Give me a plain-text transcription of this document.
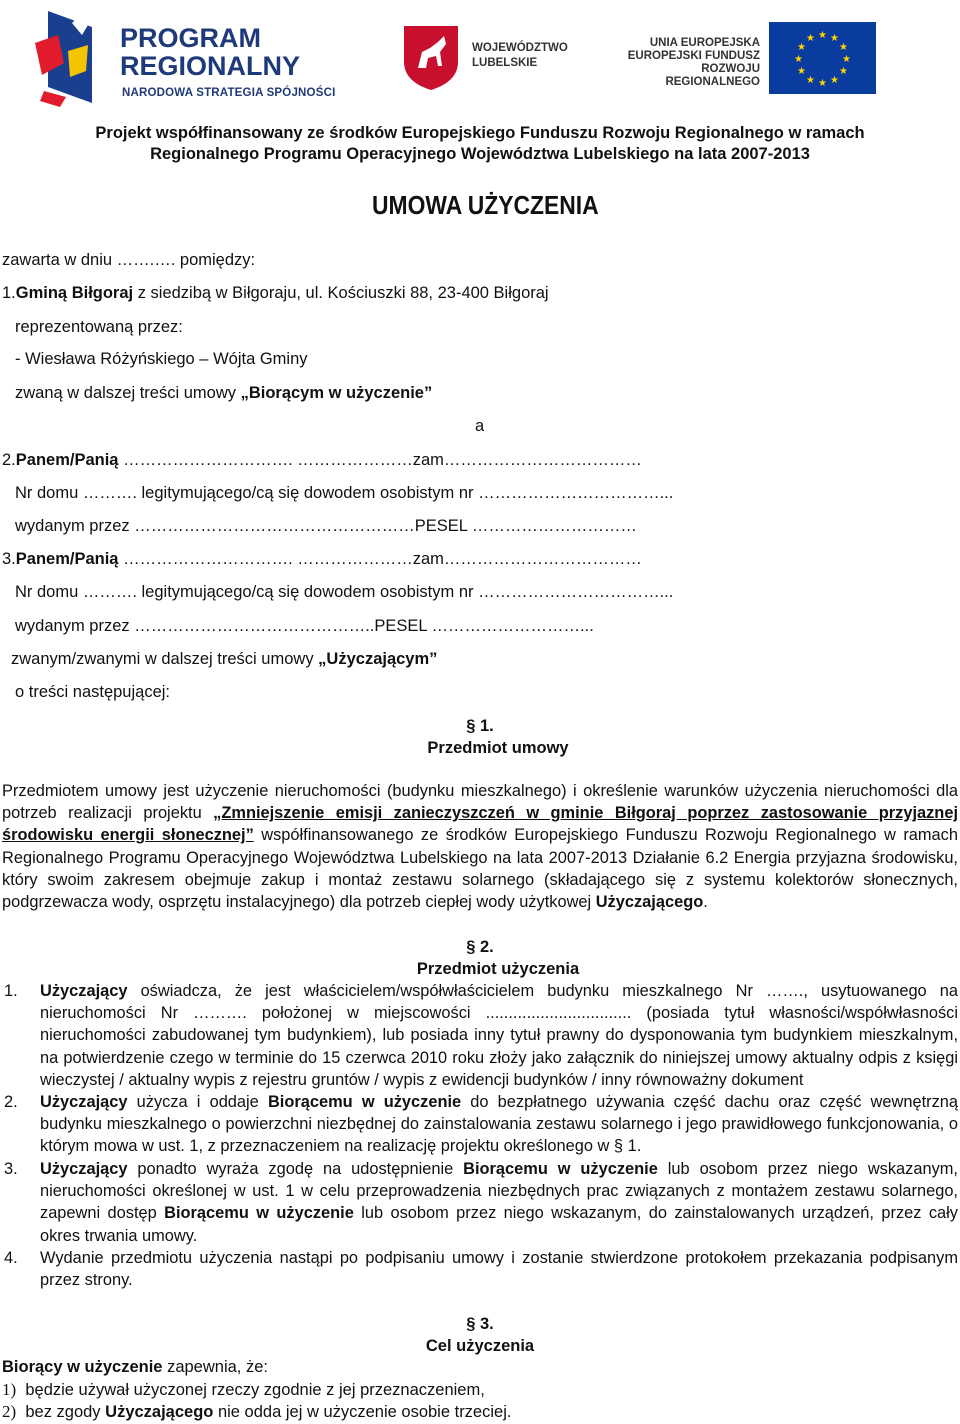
PROGRAM
REGIONALNY
NARODOWA STRATEGIA SPÓJNOŚCI
WOJEWÓDZTWO
LUBELSKIE
UNIA EUROPEJSKA
EUROPEJSKI FUNDUSZ
ROZWOJU REGIONALNEGO
★ ★
★
★
★
★
★
★
★
★
★
★
Projekt współfinansowany ze środków Europejskiego Funduszu Rozwoju Regionalnego w ramach
Regionalnego Programu Operacyjnego Województwa Lubelskiego na lata 2007-2013
UMOWA UŻYCZENIA
zawarta w dniu …….…. pomiędzy:
1.Gminą Biłgoraj z siedzibą w Biłgoraju, ul. Kościuszki 88, 23-400 Biłgoraj
reprezentowaną przez:
- Wiesława Różyńskiego – Wójta Gminy
zwaną w dalszej treści umowy „Biorącym w użyczenie”
a
2.Panem/Panią …………………………. …………………zam………………………………
Nr domu ………. legitymującego/cą się dowodem osobistym nr ……………………………...
wydanym przez ……………………………………………PESEL …………………………
3.Panem/Panią …………………………. …………………zam………………………………
Nr domu ………. legitymującego/cą się dowodem osobistym nr ……………………………...
wydanym przez ……………………………………..PESEL ………………………...
zwanym/zwanymi w dalszej treści umowy „Użyczającym”
o treści następującej:
§ 1.
Przedmiot umowy
Przedmiotem umowy jest użyczenie nieruchomości (budynku mieszkalnego) i określenie warunków użyczenia nieruchomości dla potrzeb realizacji projektu „Zmniejszenie emisji zanieczyszczeń w gminie Biłgoraj poprzez zastosowanie przyjaznej środowisku energii słonecznej” współfinansowanego ze środków Europejskiego Funduszu Rozwoju Regionalnego w ramach Regionalnego Programu Operacyjnego Województwa Lubelskiego na lata 2007-2013 Działanie 6.2 Energia przyjazna środowisku, który swoim zakresem obejmuje zakup i montaż zestawu solarnego (składającego się z systemu kolektorów słonecznych, podgrzewacza wody, osprzętu instalacyjnego) dla potrzeb ciepłej wody użytkowej Użyczającego.
§ 2.
Przedmiot użyczenia
1.	Użyczający oświadcza, że jest właścicielem/współwłaścicielem budynku mieszkalnego Nr ……., usytuowanego na nieruchomości Nr ………. położonej w miejscowości ................................ (posiada tytuł własności/współwłasności nieruchomości zabudowanej tym budynkiem), lub posiada inny tytuł prawny do dysponowania tym budynkiem mieszkalnym, na potwierdzenie czego w terminie do 15 czerwca 2010 roku złoży jako załącznik do niniejszej umowy aktualny odpis z księgi wieczystej / aktualny wypis z rejestru gruntów / wypis z ewidencji budynków / inny równoważny dokument
2.	Użyczający użycza i oddaje Biorącemu w użyczenie do bezpłatnego używania część dachu oraz część wewnętrzną budynku mieszkalnego o powierzchni niezbędnej do zainstalowania zestawu solarnego i jego prawidłowego funkcjonowania, o którym mowa w ust. 1, z przeznaczeniem na realizację projektu określonego w § 1.
3.	Użyczający ponadto wyraża zgodę na udostępnienie Biorącemu w użyczenie lub osobom przez niego wskazanym, nieruchomości określonej w ust. 1 w celu przeprowadzenia niezbędnych prac związanych z montażem zestawu solarnego, zapewni dostęp Biorącemu w użyczenie lub osobom przez niego wskazanym, do zainstalowanych urządzeń, przez cały okres trwania umowy.
4.	Wydanie przedmiotu użyczenia nastąpi po podpisaniu umowy i zostanie stwierdzone protokołem przekazania podpisanym przez strony.
§ 3.
Cel użyczenia
Biorący w użyczenie zapewnia, że:
1) będzie używał użyczonej rzeczy zgodnie z jej przeznaczeniem,
2) bez zgody Użyczającego nie odda jej w użyczenie osobie trzeciej.
